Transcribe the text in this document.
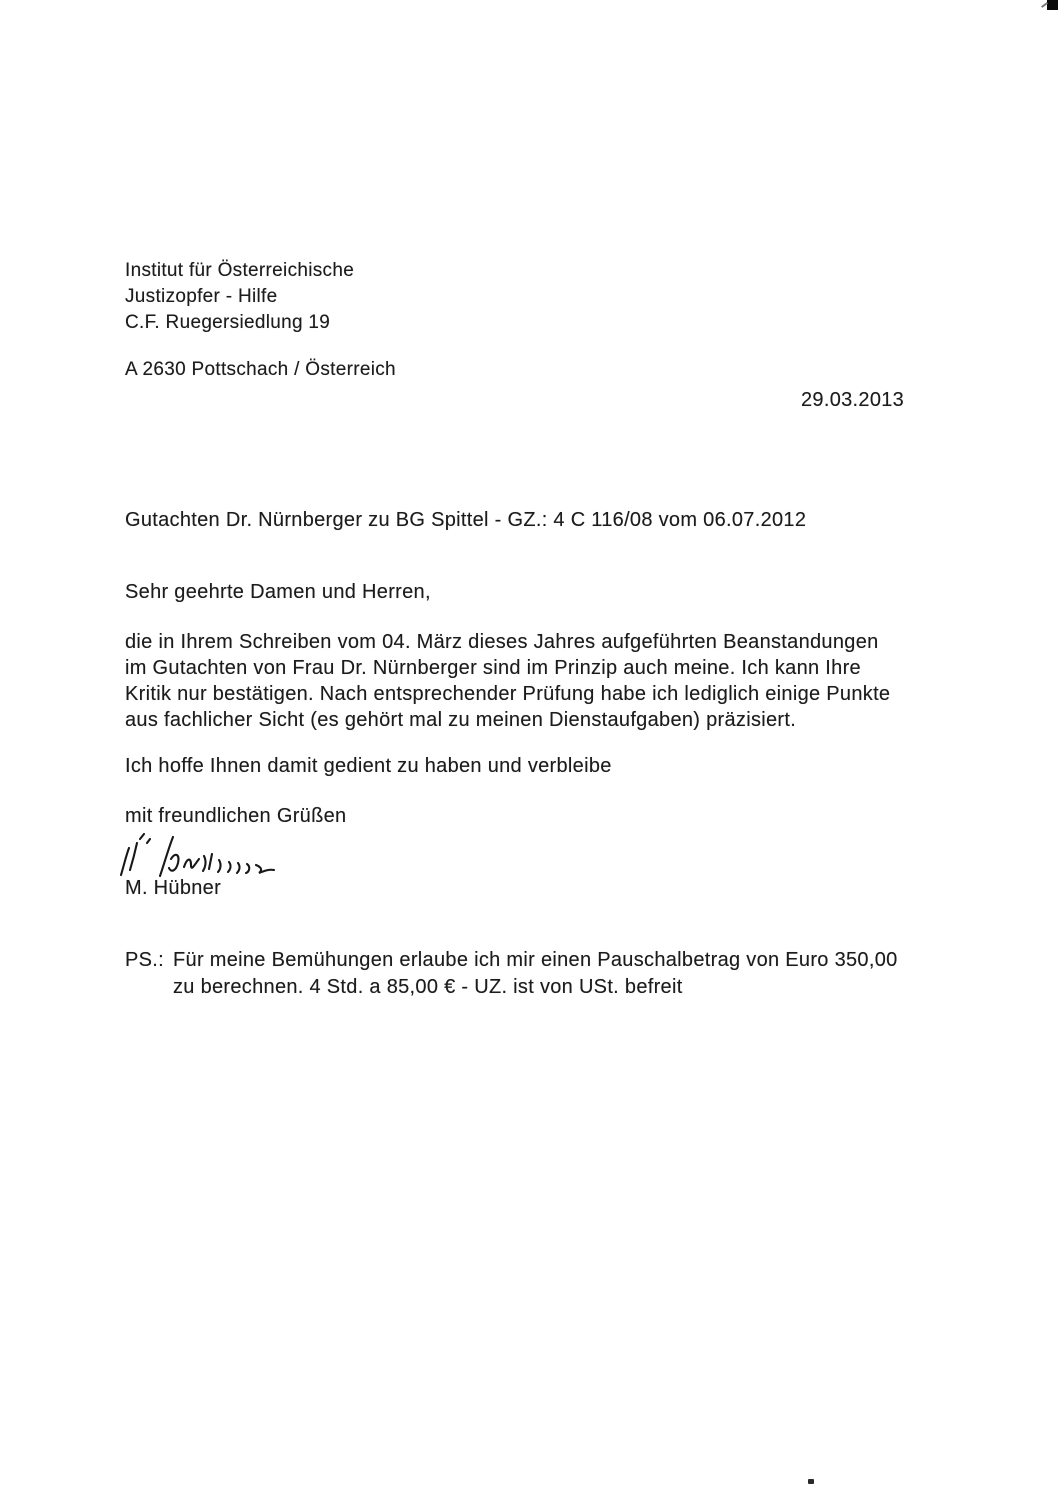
Institut für Österreichische
Justizopfer - Hilfe
C.F. Ruegersiedlung 19
A 2630 Pottschach / Österreich
29.03.2013
Gutachten Dr. Nürnberger zu BG Spittel - GZ.: 4 C 116/08 vom 06.07.2012
Sehr geehrte Damen und Herren,
die in Ihrem Schreiben vom 04. März dieses Jahres aufgeführten Beanstandungen
im Gutachten von Frau Dr. Nürnberger sind im Prinzip auch meine. Ich kann Ihre
Kritik nur bestätigen. Nach entsprechender Prüfung habe ich lediglich einige Punkte
aus fachlicher Sicht (es gehört mal zu meinen Dienstaufgaben) präzisiert.
Ich hoffe Ihnen damit gedient zu haben und verbleibe
mit freundlichen Grüßen
M. Hübner
PS.: Für meine Bemühungen erlaube ich mir einen Pauschalbetrag von Euro 350,00
zu berechnen. 4 Std. a 85,00 € - UZ. ist von USt. befreit
